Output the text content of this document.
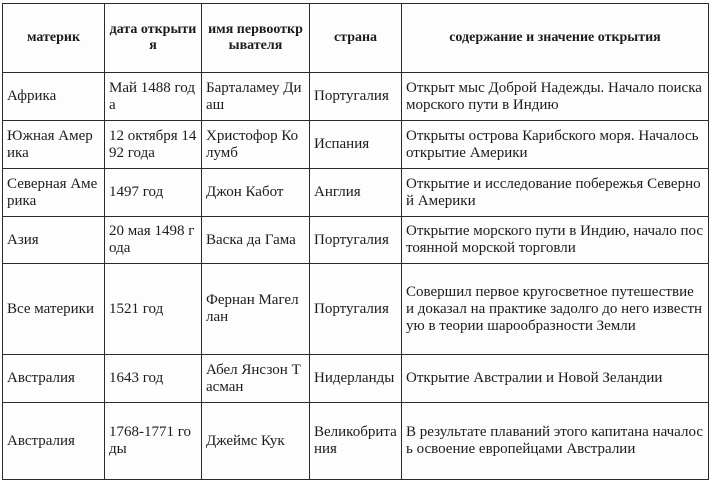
материк	дата открытия	имя первооткрывателя	страна	содержание и значение открытия
Африка	Май 1488 года	Барталамеу Диаш	Португалия	Открыт мыс Доброй Надежды. Начало поиска морского пути в Индию
Южная Америка	12 октября 1492 года	Христофор Колумб	Испания	Открыты острова Карибского моря. Началось открытие Америки
Северная Америка	1497 год	Джон Кабот	Англия	Открытие и исследование побережья Северной Америки
Азия	20 мая 1498 года	Васка да Гама	Португалия	Открытие морского пути в Индию, начало постоянной морской торговли
Все материки	1521 год	Фернан Магеллан	Португалия	Совершил первое кругосветное путешествие и доказал на практике задолго до него известную в теории шарообразности Земли
Австралия	1643 год	Абел Янсзон Тасман	Нидерланды	Открытие Австралии и Новой Зеландии
Австралия	1768-1771 годы	Джеймс Кук	Великобритания	В результате плаваний этого капитана началось освоение европейцами Австралии
